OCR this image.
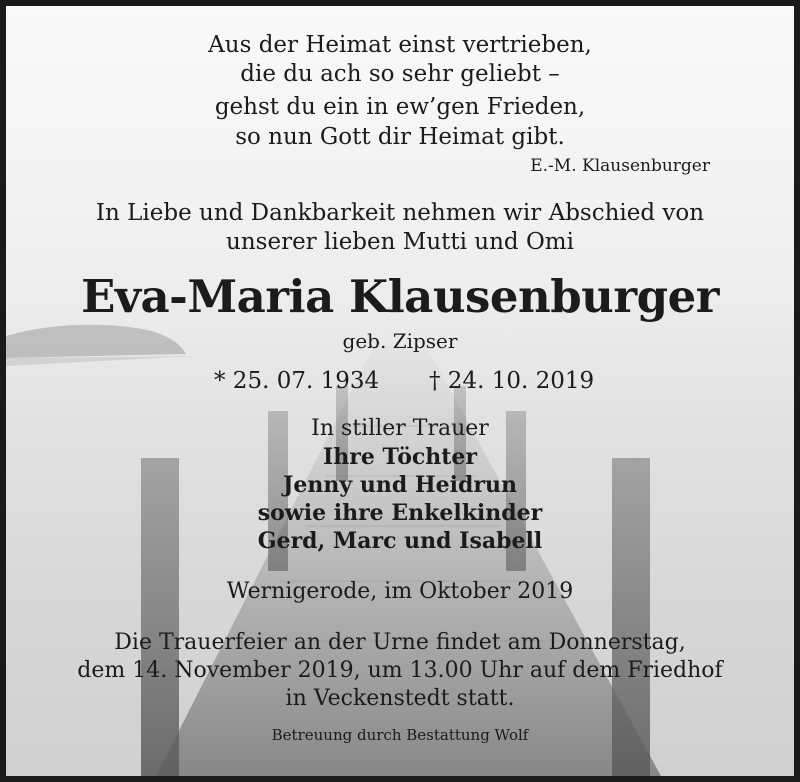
Aus der Heimat einst vertrieben,
die du ach so sehr geliebt –
gehst du ein in ew’gen Frieden,
so nun Gott dir Heimat gibt.
E.-M. Klausenburger
In Liebe und Dankbarkeit nehmen wir Abschied von
unserer lieben Mutti und Omi
Eva-Maria Klausenburger
geb. Zipser
* 25. 07. 1934 † 24. 10. 2019
In stiller Trauer
Ihre Töchter
Jenny und Heidrun
sowie ihre Enkelkinder
Gerd, Marc und Isabell
Wernigerode, im Oktober 2019
Die Trauerfeier an der Urne findet am Donnerstag,
dem 14. November 2019, um 13.00 Uhr auf dem Friedhof
in Veckenstedt statt.
Betreuung durch Bestattung Wolf
